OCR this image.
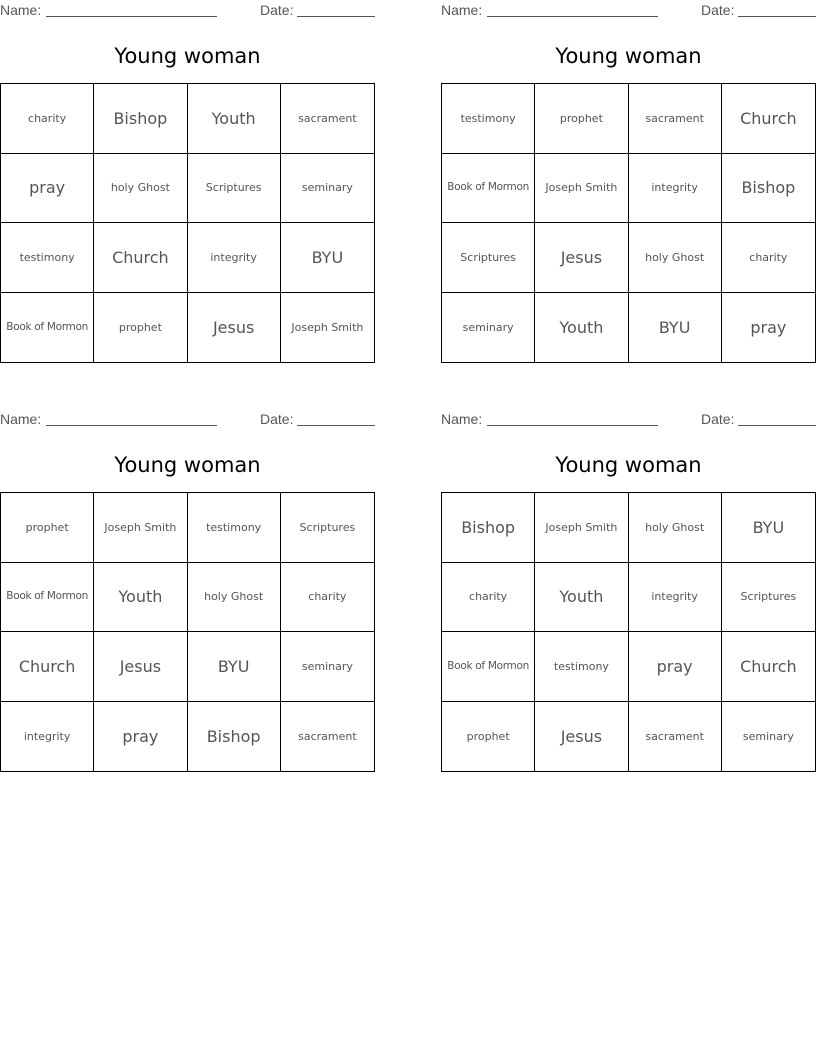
Name:	Date:
Young woman
charity	Bishop	Youth	sacrament
pray	holy Ghost	Scriptures	seminary
testimony	Church	integrity	BYU
Book of Mormon	prophet	Jesus	Joseph Smith
Name:	Date:
Young woman
testimony	prophet	sacrament	Church
Book of Mormon	Joseph Smith	integrity	Bishop
Scriptures	Jesus	holy Ghost	charity
seminary	Youth	BYU	pray
Name:	Date:
Young woman
prophet	Joseph Smith	testimony	Scriptures
Book of Mormon	Youth	holy Ghost	charity
Church	Jesus	BYU	seminary
integrity	pray	Bishop	sacrament
Name:	Date:
Young woman
Bishop	Joseph Smith	holy Ghost	BYU
charity	Youth	integrity	Scriptures
Book of Mormon	testimony	pray	Church
prophet	Jesus	sacrament	seminary
